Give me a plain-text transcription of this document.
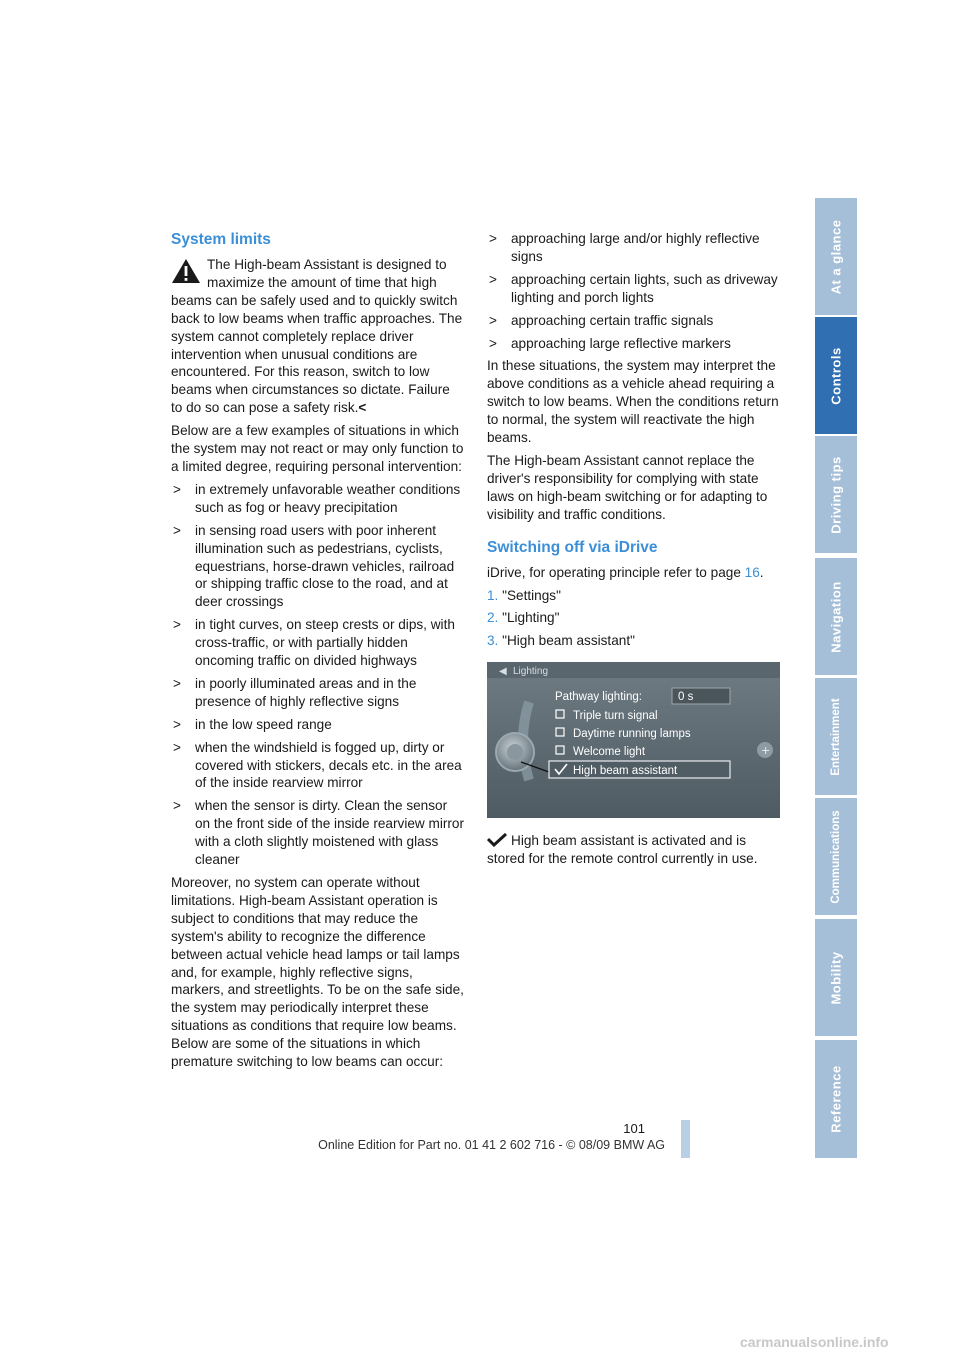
System limits

The High-beam Assistant is designed to maximize the amount of time that high beams can be safely used and to quickly switch back to low beams when traffic approaches. The system cannot completely replace driver intervention when unusual conditions are encountered. For this reason, switch to low beams when circumstances so dictate. Failure to do so can pose a safety risk.<

Below are a few examples of situations in which the system may not react or may only function to a limited degree, requiring personal intervention:

> in extremely unfavorable weather conditions such as fog or heavy precipitation
> in sensing road users with poor inherent illumination such as pedestrians, cyclists, equestrians, horse-drawn vehicles, railroad or shipping traffic close to the road, and at deer crossings
> in tight curves, on steep crests or dips, with cross-traffic, or with partially hidden oncoming traffic on divided highways
> in poorly illuminated areas and in the presence of highly reflective signs
> in the low speed range
> when the windshield is fogged up, dirty or covered with stickers, decals etc. in the area of the inside rearview mirror
> when the sensor is dirty. Clean the sensor on the front side of the inside rearview mirror with a cloth slightly moistened with glass cleaner

Moreover, no system can operate without limitations. High-beam Assistant operation is subject to conditions that may reduce the system's ability to recognize the difference between actual vehicle head lamps or tail lamps and, for example, highly reflective signs, markers, and streetlights. To be on the safe side, the system may periodically interpret these situations as conditions that require low beams. Below are some of the situations in which premature switching to low beams can occur:

> approaching large and/or highly reflective signs
> approaching certain lights, such as driveway lighting and porch lights
> approaching certain traffic signals
> approaching large reflective markers

In these situations, the system may interpret the above conditions as a vehicle ahead requiring a switch to low beams. When the conditions return to normal, the system will reactivate the high beams.

The High-beam Assistant cannot replace the driver's responsibility for complying with state laws on high-beam switching or for adapting to visibility and traffic conditions.

Switching off via iDrive

iDrive, for operating principle refer to page 16.

1. "Settings"
2. "Lighting"
3. "High beam assistant"
Lighting
◀
+
Pathway lighting:	0 s
Triple turn signal
Daytime running lamps
Welcome light
High beam assistant

High beam assistant is activated and is stored for the remote control currently in use.

At a glance
Controls
Driving tips
Navigation
Entertainment
Communications
Mobility
Reference
101
Online Edition for Part no. 01 41 2 602 716 - © 08/09 BMW AG
carmanualsonline.info
